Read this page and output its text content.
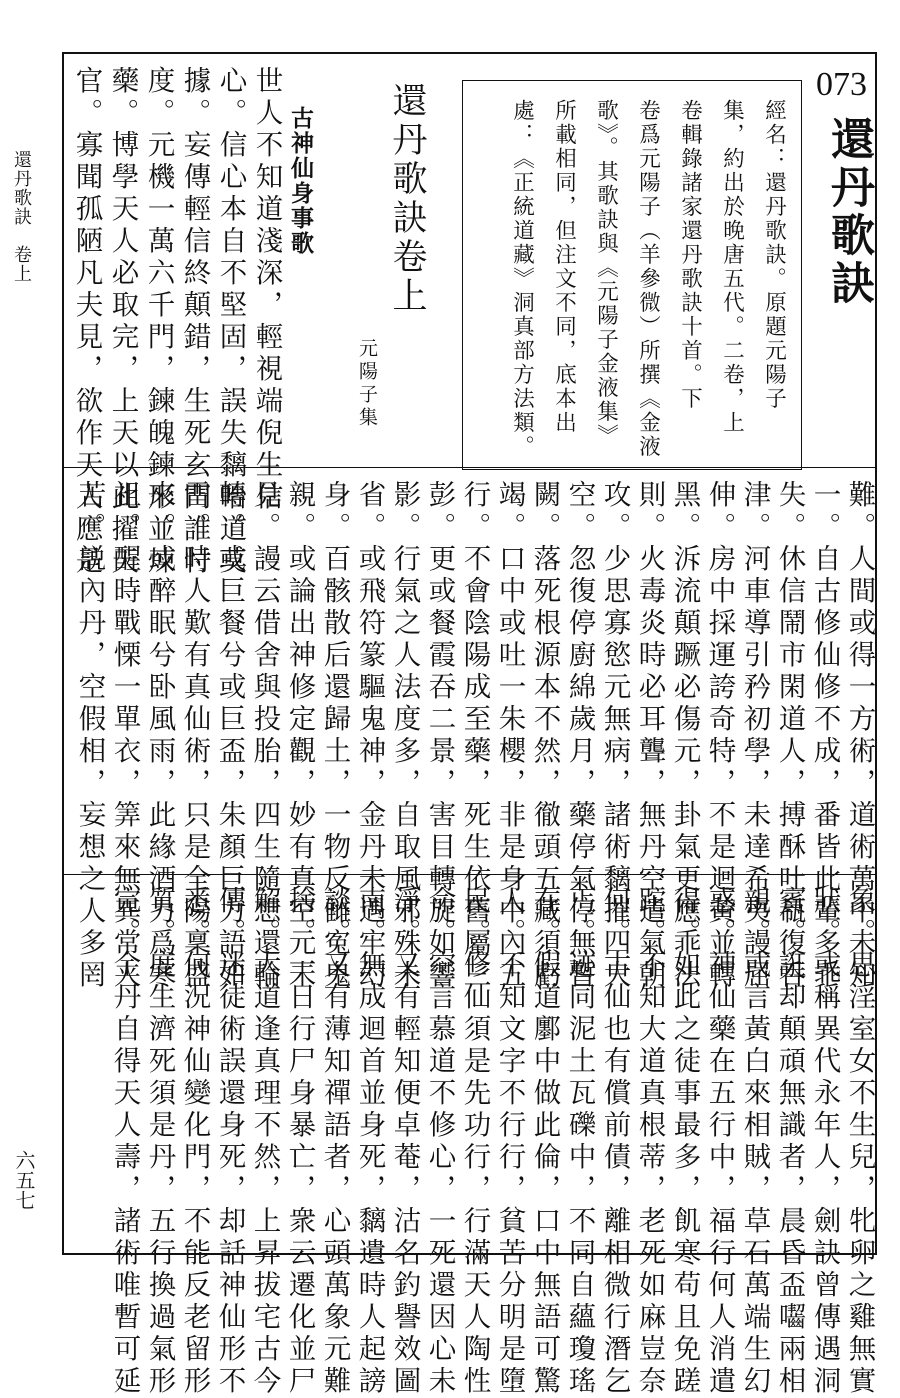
還丹歌訣　卷上
六五七
073
還丹歌訣
經名：還丹歌訣。原題元陽子
集，約出於晚唐五代。二卷，上
卷輯錄諸家還丹歌訣十首。下
卷爲元陽子（羊參微）所撰《金液
歌》。其歌訣與《元陽子金液集》
所載相同，但注文不同，底本出
處：《正統道藏》洞真部方法類。
還丹歌訣卷上
元陽子集
古神仙身事歌
世人不知道淺深，輕視端倪生信
心。信心本自不堅固，誤失黐咍道莫
據。妄傳輕信終顛錯，生死玄門誰忖
度。元機一萬六千門，鍊魄鍊形並煉
藥。博學天人必取完，上天以此擢天
官。寡聞孤陋凡夫見，欲作天人應是
難。人間或得一方術，道術萬中未知
一。自古修仙修不成，番皆此輩多乖
失。休信鬧市閑道人，搏酥吐瓻復呑
津。河車導引矜初學，未達希夷謾屈
伸。房中採運誇奇特，不是迴黃並轉
黑。泝流顛蹶必傷元，卦氣更應乖法
則。火毒炎時必耳聾，無丹空遣氣朝
攻。少思寡慾元無病，諸術黐摧四大
空。忽復停廚綿歲月，藥停氣停無暫
闕。落死根源本不然，徹頭五藏須虧
竭。口中或吐一朱櫻，非是身中內五
行。不會陰陽成至藥，死生依舊屬三
彭。更或餐霞吞二景，害目轉旋如響
影。行氣之人法度多，自取風邪殊未
省。或飛符篆驅鬼神，金丹未遇牢幻
身。百骸散后還歸土，一物反雠寃鬼
親。或論出神修定觀，妙有真空元未
見。謾云借舍與投胎，四生隨想還輪
轉。或巨餐兮或巨盃，朱顏巨力語如
雷。時人歎有真仙術，只是全陽稟盛
來。或醉眠兮卧風雨，此緣酒力爲寒
祖。醒時戰慄一單衣，筭來無異常人
苦。説內丹，空假相，妄想之人多罔
象。思淫室女不生兒，牝卵之雞無實
狀。或稱異代永年人，劍訣曾傳遇洞
賓。誑却顛頑無識者，晨昏盃囓兩相
親。或言黃白來相賊，草石萬端生幻
惑。神仙藥在五行中，福行何人消遣
得。如此之徒事最多，飢寒苟且免蹉
跎。不知大道真根蒂，老死如麻豈奈
何。古仙也有償前債，離相微行潛乞
丐。迹同泥土瓦礫中，不同自蘊瓊瑤
在。假道鄽中做此倫，口中無語可驚
人。不知文字不行行，貧苦分明是墮
民。修仙須是先功行，行滿天人陶性
命。空言慕道不修心，一死還因心未
淨。又有輕知便卓菴，沽名釣譽效圖
南。無成迴首並身死，黐遺時人起謗
談。又有薄知禪語者，心頭萬象元難
捨。一日行尸身暴亡，衆云遷化並尸
解。大道逢真理不然，上昇拔宅古今
傳。迷徒術誤還身死，却話神仙形不
悉。何況神仙變化門，不能反老留形
質。度生濟死須是丹，五行換過氣形
完。金丹自得天人壽，諸術唯暫可延
